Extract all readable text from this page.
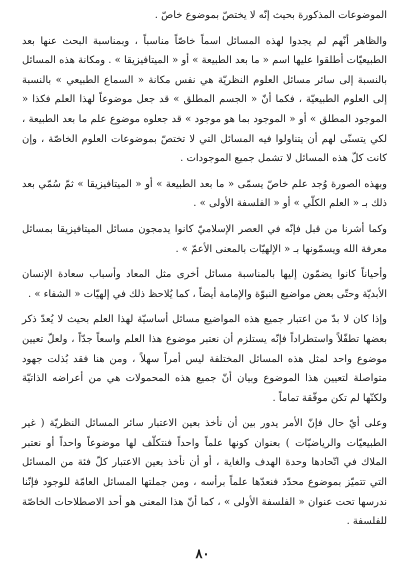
الموضوعات المذكورة بحيث إنّه لا يختصّ بموضوع خاصّ .

والظاهر أنّهم لم يجدوا لهذه المسائل اسماً خاصّاً مناسباً ، وبمناسبة البحث عنها بعد الطبيعيّات أطلقوا عليها اسم « ما بعد الطبيعة » أو « الميتافيزيقا » . ومكانة هذه المسائل بالنسبة إلى سائر مسائل العلوم النظريّة هي نفس مكانة « السماع الطبيعي » بالنسبة إلى العلوم الطبيعيّة ، فكما أنّ « الجسم المطلق » قد جعل موضوعاً لهذا العلم فكذا « الموجود المطلق » أو « الموجود بما هو موجود » قد جعلوه موضوع علم ما بعد الطبيعة ، لكي يتسنّى لهم أن يتناولوا فيه المسائل التي لا تختصّ بموضوعات العلوم الخاصّة ، وإن كانت كلّ هذه المسائل لا تشمل جميع الموجودات .

وبهذه الصورة وُجد علم خاصّ يسمّى « ما بعد الطبيعة » أو « الميتافيزيقا » ثمّ سُمّي بعد ذلك بـ « العلم الكلّي » أو « الفلسفة الأولى » .

وكما أشرنا من قبل فإنّه في العصر الإسلاميّ كانوا يدمجون مسائل الميتافيزيقا بمسائل معرفة الله ويسمّونها بـ « الإلهيّات بالمعنى الأعمّ » .

وأحياناً كانوا يضمّون إليها بالمناسبة مسائل أخرى مثل المعاد وأسباب سعادة الإنسان الأبديّة وحتّى بعض مواضيع النبوّة والإمامة أيضاً ، كما يُلاحظ ذلك في إلهيّات « الشفاء » .

وإذا كان لا بدّ من اعتبار جميع هذه المواضيع مسائل أساسيّة لهذا العلم بحيث لا يُعدّ ذكر بعضها تطفّلاً واستطراداً فإنّه يستلزم أن نعتبر موضوع هذا العلم واسعاً جدّاً ، ولعلّ تعيين موضوع واحد لمثل هذه المسائل المختلفة ليس أمراً سهلاً ، ومن هنا فقد بُذلت جهود متواصلة لتعيين هذا الموضوع وبيان أنّ جميع هذه المحمولات هي من أعراضه الذاتيّة ولكنّها لم تكن موفّقة تماماً .

وعلى أيّ حال فإنّ الأمر يدور بين أن نأخذ بعين الاعتبار سائر المسائل النظريّة ( غير الطبيعيّات والرياضيّات ) بعنوان كونها علماً واحداً فنتكلّف لها موضوعاً واحداً أو نعتبر الملاك في اتّحادها وحدة الهدف والغاية ، أو أن نأخذ بعين الاعتبار كلّ فئة من المسائل التي تتميّز بموضوع محدّد فنعدّها علماً برأسه ، ومن جملتها المسائل العامّة للوجود فإنّنا ندرسها تحت عنوان « الفلسفة الأولى » ، كما أنّ هذا المعنى هو أحد الاصطلاحات الخاصّة للفلسفة .

٨٠
